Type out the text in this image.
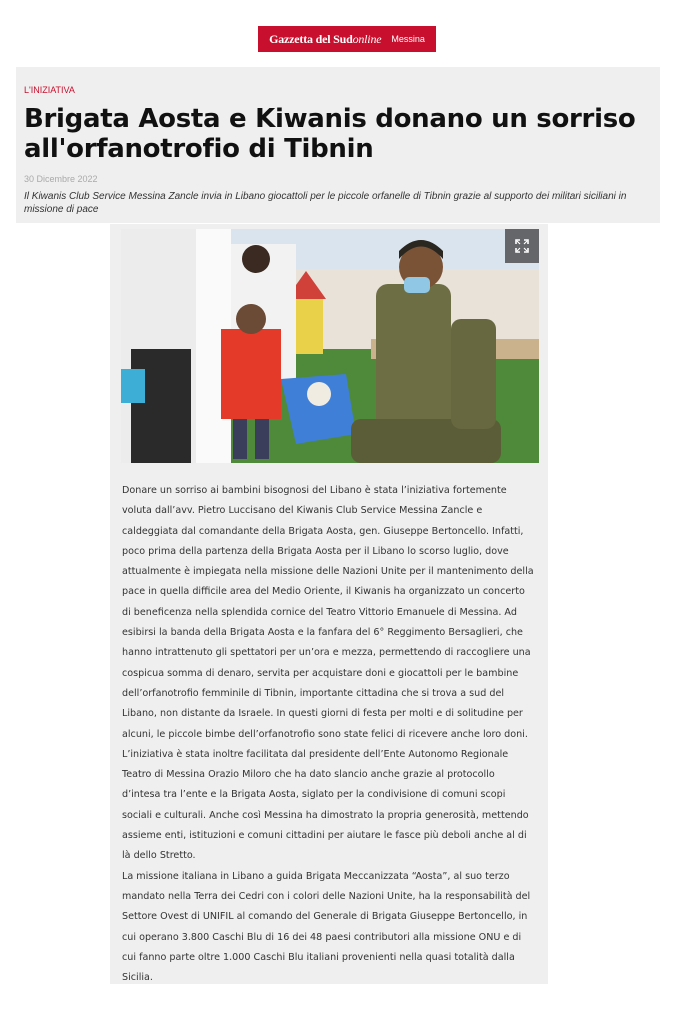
Gazzetta del Sudonline Messina

L'INIZIATIVA

Brigata Aosta e Kiwanis donano un sorriso all'orfanotrofio di Tibnin

30 Dicembre 2022

Il Kiwanis Club Service Messina Zancle invia in Libano giocattoli per le piccole orfanelle di Tibnin grazie al supporto dei militari siciliani in missione di pace

Donare un sorriso ai bambini bisognosi del Libano è stata l’iniziativa fortemente voluta dall’avv. Pietro Luccisano del Kiwanis Club Service Messina Zancle e caldeggiata dal comandante della Brigata Aosta, gen. Giuseppe Bertoncello. Infatti, poco prima della partenza della Brigata Aosta per il Libano lo scorso luglio, dove attualmente è impiegata nella missione delle Nazioni Unite per il mantenimento della pace in quella difficile area del Medio Oriente, il Kiwanis ha organizzato un concerto di beneficenza nella splendida cornice del Teatro Vittorio Emanuele di Messina. Ad esibirsi la banda della Brigata Aosta e la fanfara del 6° Reggimento Bersaglieri, che hanno intrattenuto gli spettatori per un’ora e mezza, permettendo di raccogliere una cospicua somma di denaro, servita per acquistare doni e giocattoli per le bambine dell’orfanotrofio femminile di Tibnin, importante cittadina che si trova a sud del Libano, non distante da Israele. In questi giorni di festa per molti e di solitudine per alcuni, le piccole bimbe dell’orfanotrofio sono state felici di ricevere anche loro doni. L’iniziativa è stata inoltre facilitata dal presidente dell’Ente Autonomo Regionale Teatro di Messina Orazio Miloro che ha dato slancio anche grazie al protocollo d’intesa tra l’ente e la Brigata Aosta, siglato per la condivisione di comuni scopi sociali e culturali. Anche così Messina ha dimostrato la propria generosità, mettendo assieme enti, istituzioni e comuni cittadini per aiutare le fasce più deboli anche al di là dello Stretto.

La missione italiana in Libano a guida Brigata Meccanizzata “Aosta”, al suo terzo mandato nella Terra dei Cedri con i colori delle Nazioni Unite, ha la responsabilità del Settore Ovest di UNIFIL al comando del Generale di Brigata Giuseppe Bertoncello, in cui operano 3.800 Caschi Blu di 16 dei 48 paesi contributori alla missione ONU e di cui fanno parte oltre 1.000 Caschi Blu italiani provenienti nella quasi totalità dalla Sicilia.
